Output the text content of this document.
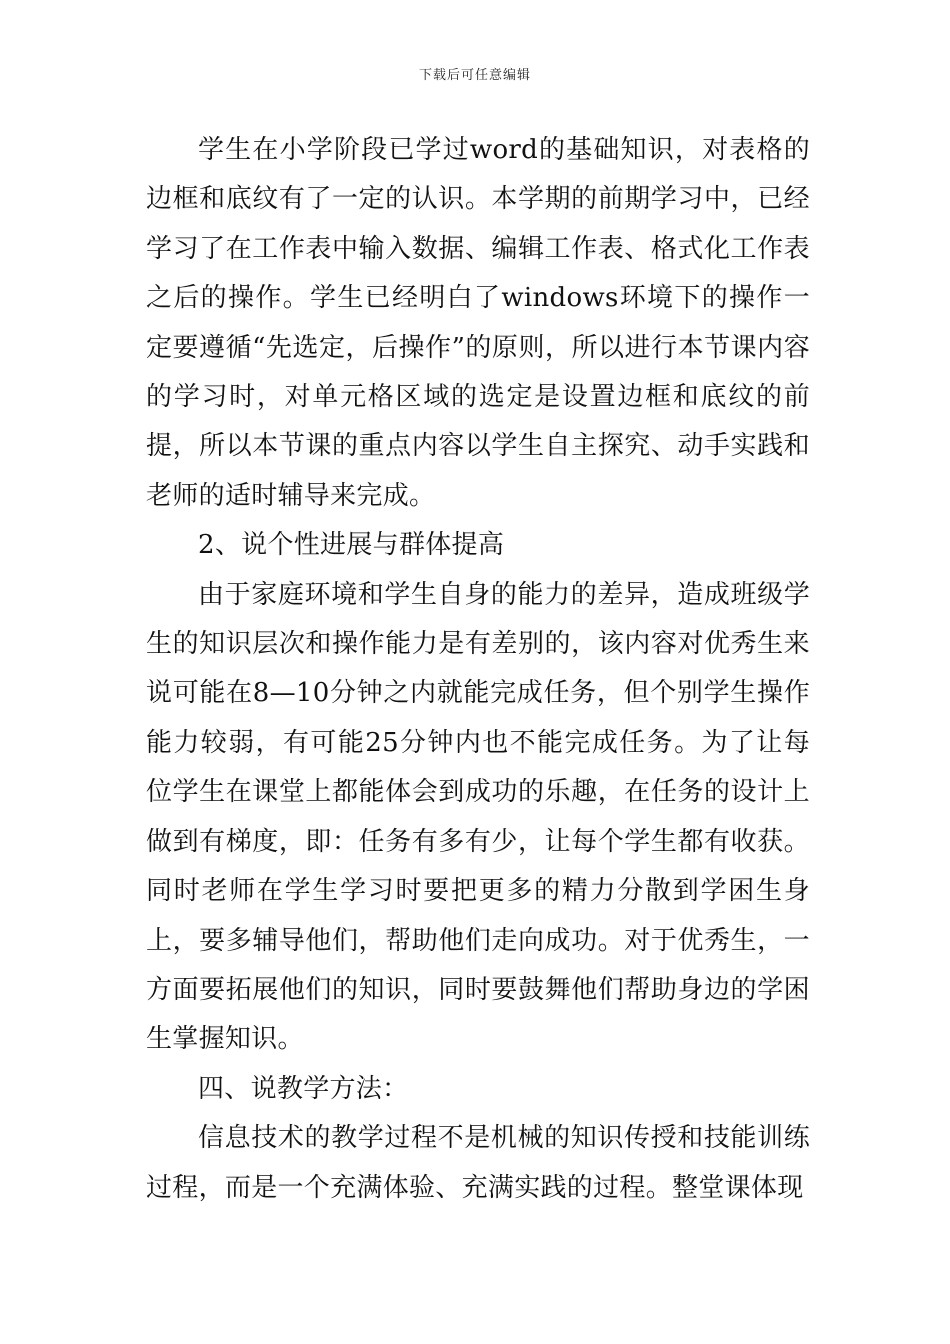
下载后可任意编辑

学生在小学阶段已学过word的基础知识，对表格的边框和底纹有了一定的认识。本学期的前期学习中，已经学习了在工作表中输入数据、编辑工作表、格式化工作表之后的操作。学生已经明白了windows环境下的操作一定要遵循“先选定，后操作”的原则，所以进行本节课内容的学习时，对单元格区域的选定是设置边框和底纹的前提，所以本节课的重点内容以学生自主探究、动手实践和老师的适时辅导来完成。

2、说个性进展与群体提高

由于家庭环境和学生自身的能力的差异，造成班级学生的知识层次和操作能力是有差别的，该内容对优秀生来说可能在8—10分钟之内就能完成任务，但个别学生操作能力较弱，有可能25分钟内也不能完成任务。为了让每位学生在课堂上都能体会到成功的乐趣，在任务的设计上做到有梯度，即：任务有多有少，让每个学生都有收获。同时老师在学生学习时要把更多的精力分散到学困生身上，要多辅导他们，帮助他们走向成功。对于优秀生，一方面要拓展他们的知识，同时要鼓舞他们帮助身边的学困生掌握知识。

四、说教学方法：

信息技术的教学过程不是机械的知识传授和技能训练过程，而是一个充满体验、充满实践的过程。整堂课体现
